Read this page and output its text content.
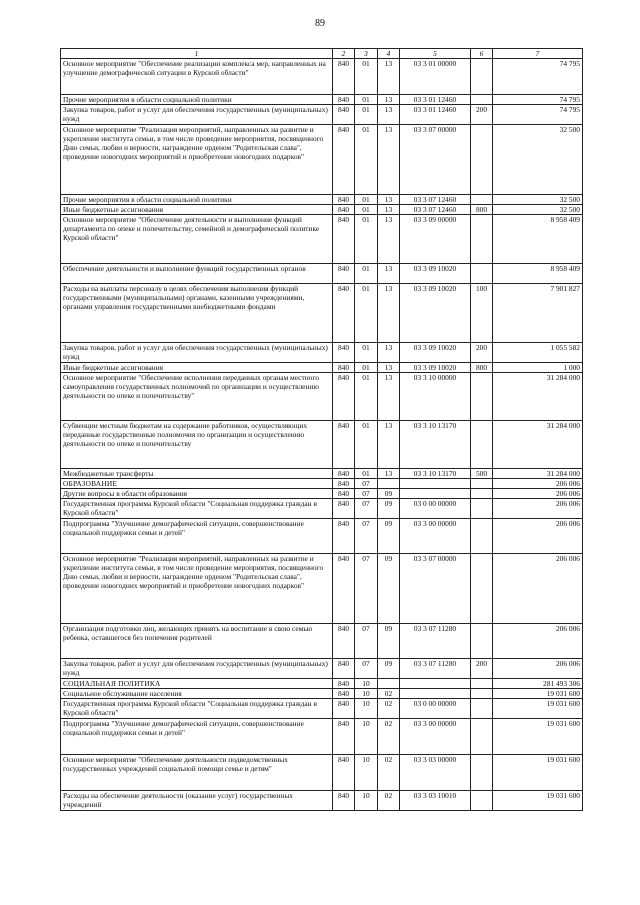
89
1	2	3	4	5	6	7
Основное мероприятие "Обеспечение реализации комплекса мер, направленных на улучшение демографической ситуации в Курской области"	840	01	13	03 3 01 00000		74 795
Прочие мероприятия в области социальной политики	840	01	13	03 3 01 12460		74 795
Закупка товаров, работ и услуг для обеспечения государственных (муниципальных) нужд	840	01	13	03 3 01 12460	200	74 795
Основное мероприятие "Реализация мероприятий, направленных на развитие и укрепление института семьи, в том числе проведение мероприятия, посвященного Дню семьи, любви и верности, награждение орденом "Родительская слава", проведение новогодних мероприятий и приобретение новогодних подарков"	840	01	13	03 3 07 00000		32 500
Прочие мероприятия в области социальной политики	840	01	13	03 3 07 12460		32 500
Иные бюджетные ассигнования	840	01	13	03 3 07 12460	800	32 500
Основное мероприятие "Обеспечение деятельности и выполнение функций департамента по опеке и попечительству, семейной и демографической политике Курской области"	840	01	13	03 3 09 00000		8 958 409
Обеспечение деятельности и выполнение функций государственных органов	840	01	13	03 3 09 10020		8 958 409
Расходы на выплаты персоналу в целях обеспечения выполнения функций государственными (муниципальными) органами, казенными учреждениями, органами управления государственными внебюджетными фондами	840	01	13	03 3 09 10020	100	7 901 827
Закупка товаров, работ и услуг для обеспечения государственных (муниципальных) нужд	840	01	13	03 3 09 10020	200	1 055 582
Иные бюджетные ассигнования	840	01	13	03 3 09 10020	800	1 000
Основное мероприятие "Обеспечение исполнения переданных органам местного самоуправления государственных полномочий по организации и осуществлению деятельности по опеке и попечительству"	840	01	13	03 3 10 00000		31 284 000
Субвенции местным бюджетам на содержание работников, осуществляющих переданные государственные полномочия по организации и осуществлению деятельности по опеке и попечительству	840	01	13	03 3 10 13170		31 284 000
Межбюджетные трансферты	840	01	13	03 3 10 13170	500	31 284 000
ОБРАЗОВАНИЕ	840	07				206 006
Другие вопросы в области образования	840	07	09			206 006
Государственная программа Курской области "Социальная поддержка граждан в Курской области"	840	07	09	03 0 00 00000		206 006
Подпрограмма "Улучшение демографической ситуации, совершенствование социальной поддержки семьи и детей"	840	07	09	03 3 00 00000		206 006
Основное мероприятие "Реализация мероприятий, направленных на развитие и укрепление института семьи, в том числе проведение мероприятия, посвященного Дню семьи, любви и верности, награждение орденом "Родительская слава", проведение новогодних мероприятий и приобретение новогодних подарков"	840	07	09	03 3 07 00000		206 006
Организация подготовки лиц, желающих принять на воспитание в свою семью ребенка, оставшегося без попечения родителей	840	07	09	03 3 07 11280		206 006
Закупка товаров, работ и услуг для обеспечения государственных (муниципальных) нужд	840	07	09	03 3 07 11280	200	206 006
СОЦИАЛЬНАЯ ПОЛИТИКА	840	10				281 493 306
Социальное обслуживание населения	840	10	02			19 031 600
Государственная программа Курской области "Социальная поддержка граждан в Курской области"	840	10	02	03 0 00 00000		19 031 600
Подпрограмма "Улучшение демографической ситуации, совершенствование социальной поддержки семьи и детей"	840	10	02	03 3 00 00000		19 031 600
Основное мероприятие "Обеспечение деятельности подведомственных государственных учреждений социальной помощи семье и детям"	840	10	02	03 3 03 00000		19 031 600
Расходы на обеспечение деятельности (оказание услуг) государственных учреждений	840	10	02	03 3 03 10010		19 031 600
